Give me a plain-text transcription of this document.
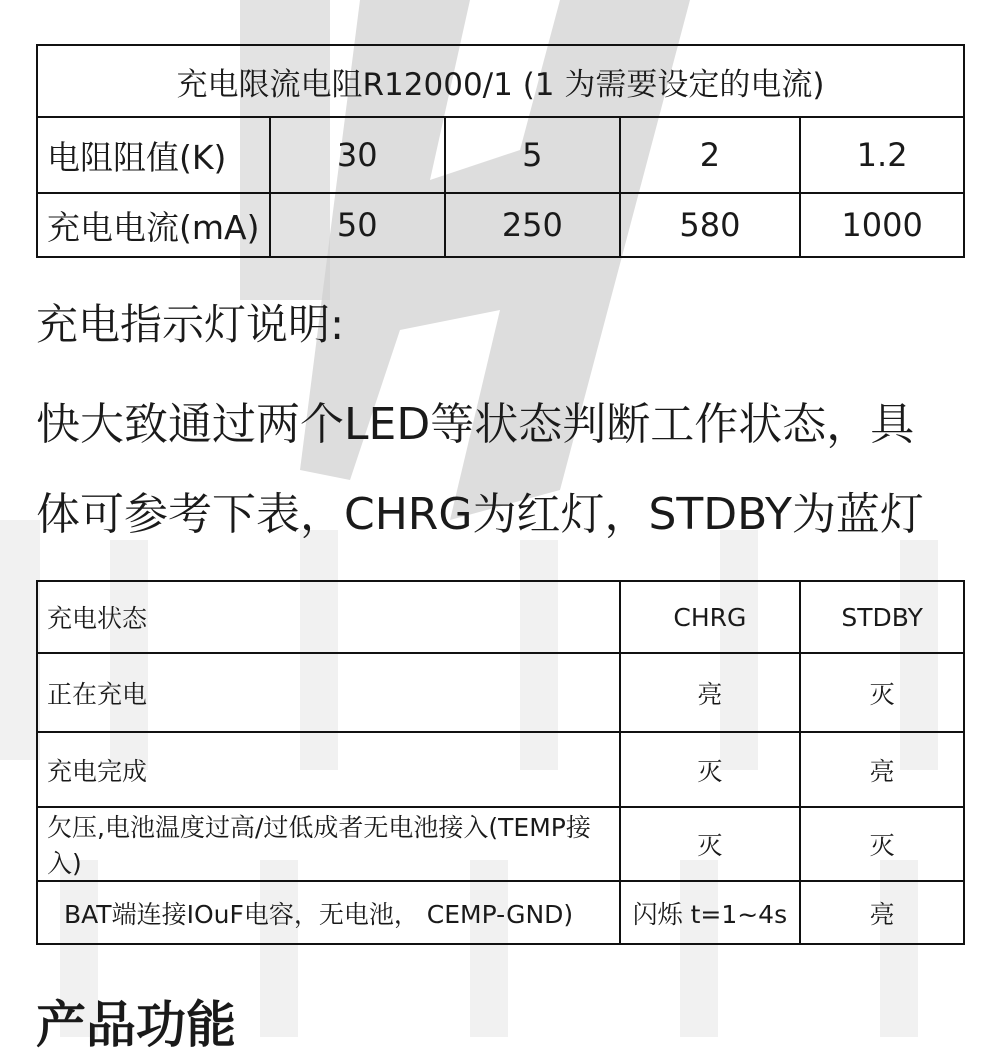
充电限流电阻R12000/1 (1 为需要设定的电流)				
电阻阻值(K)	30	5	2	1.2
充电电流(mA)	50	250	580	1000
充电指示灯说明:
快大致通过两个LED等状态判断工作状态，具
体可参考下表，CHRG为红灯，STDBY为蓝灯
充电状态	CHRG	STDBY
正在充电	亮	灭
充电完成	灭	亮
欠压,电池温度过高/过低成者无电池接入(TEMP接入)	灭	灭
BAT端连接IOuF电容，无电池， CEMP-GND)	闪烁 t=1~4s	亮
产品功能
